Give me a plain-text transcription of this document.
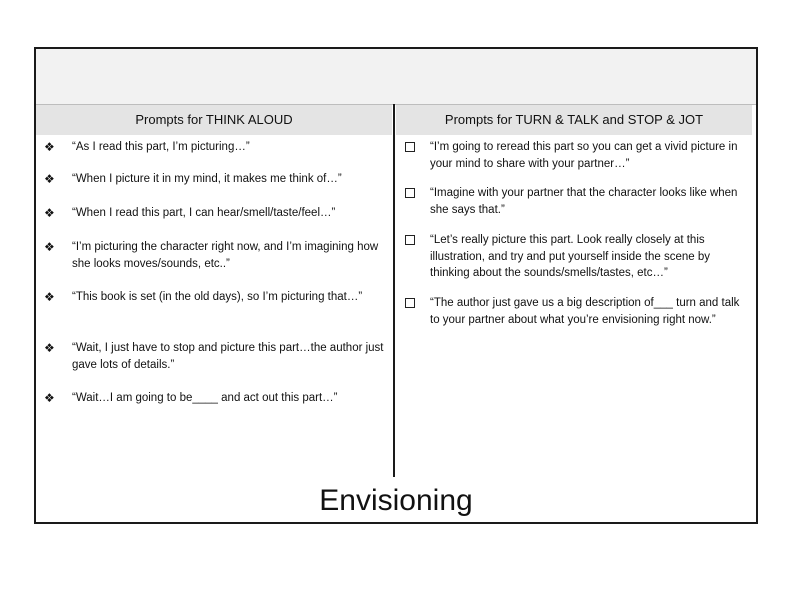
Prompts for THINK ALOUD	Prompts for TURN & TALK and STOP & JOT
❖ “As I read this part, I’m picturing…”
❖ “When I picture it in my mind, it makes me think of…”
❖ “When I read this part, I can hear/smell/taste/feel…”
❖ “I’m picturing the character right now, and I’m imagining how she looks moves/sounds, etc..”
❖ “This book is set (in the old days), so I’m picturing that…”
❖ “Wait, I just have to stop and picture this part…the author just gave lots of details.”
❖ “Wait…I am going to be____ and act out this part…”
“I’m going to reread this part so you can get a vivid picture in your mind to share with your partner…”
“Imagine with your partner that the character looks like when she says that.”
“Let’s really picture this part. Look really closely at this illustration, and try and put yourself inside the scene by thinking about the sounds/smells/tastes, etc…”
“The author just gave us a big description of___ turn and talk to your partner about what you’re envisioning right now.”
Envisioning
